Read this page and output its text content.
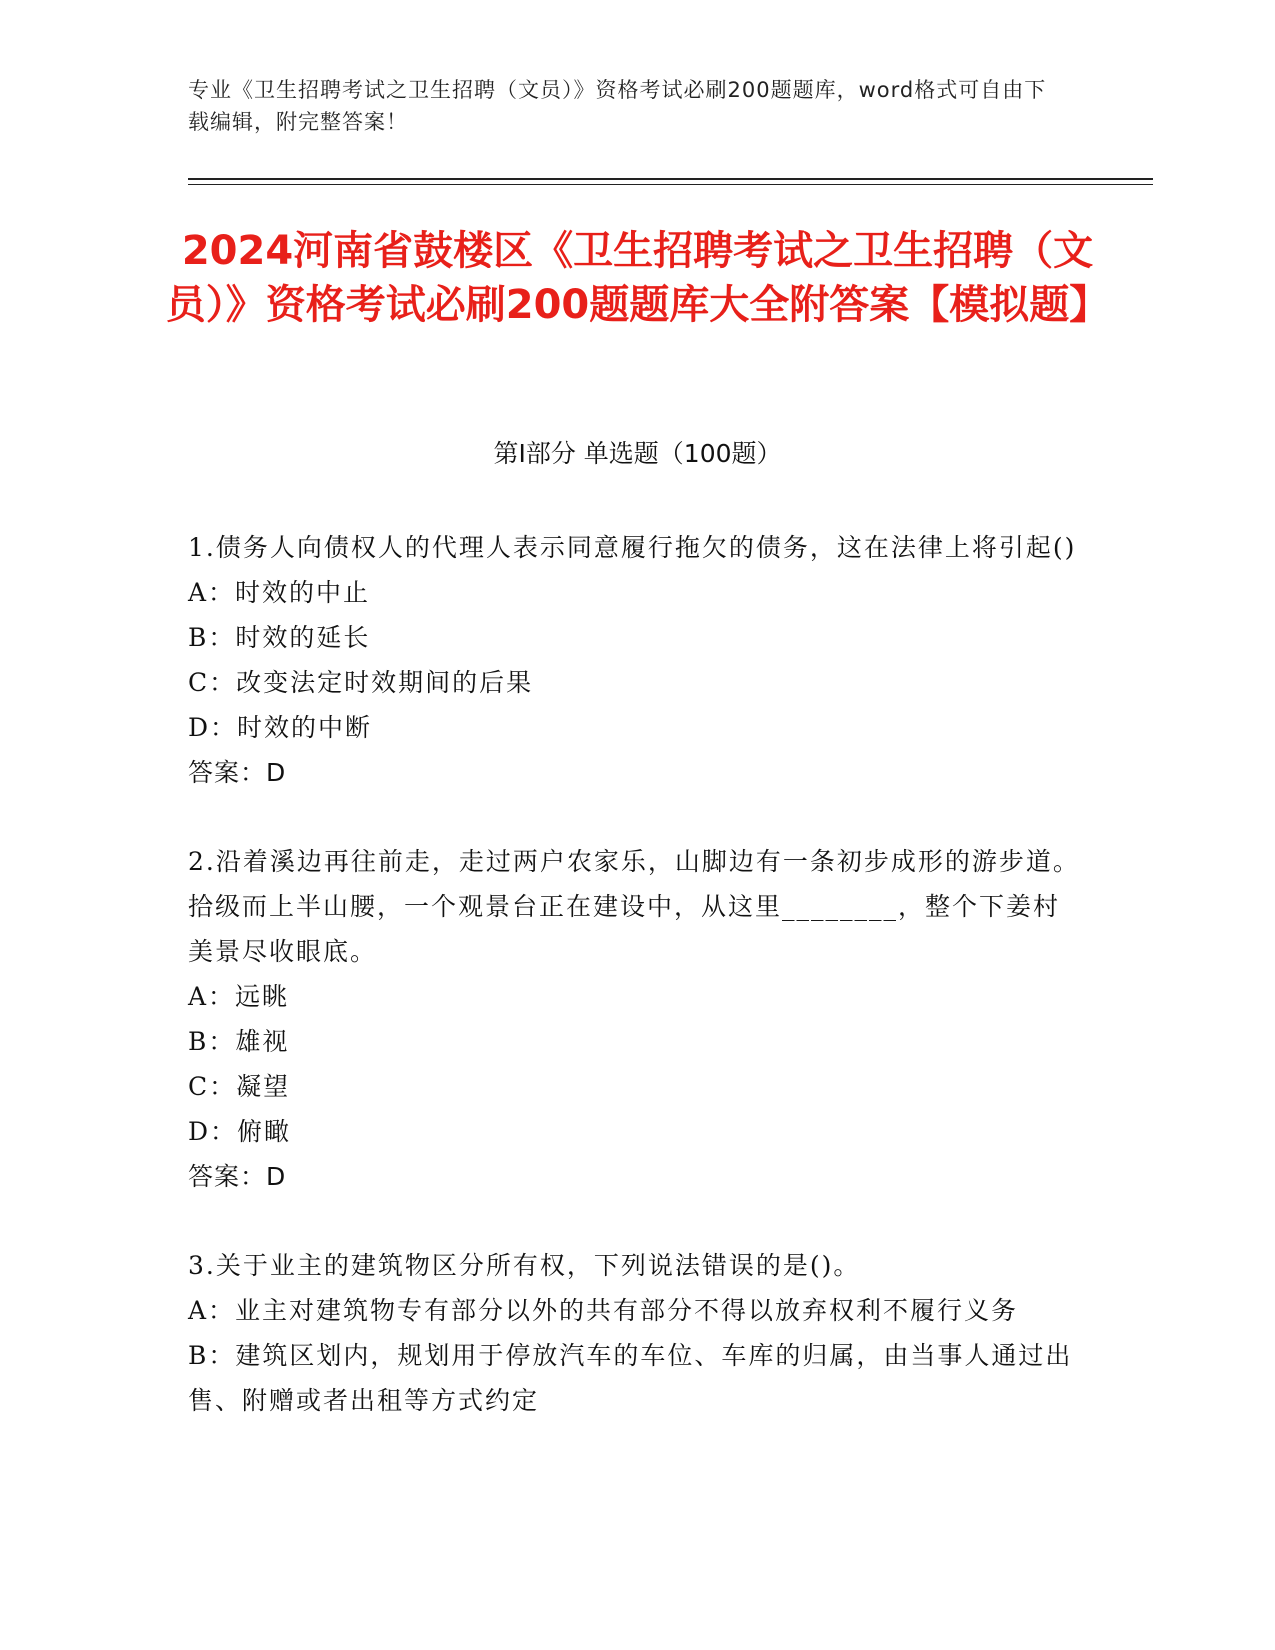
专业《卫生招聘考试之卫生招聘（文员）》资格考试必刷200题题库，word格式可自由下载编辑，附完整答案！
2024河南省鼓楼区《卫生招聘考试之卫生招聘（文员）》资格考试必刷200题题库大全附答案【模拟题】
第I部分 单选题（100题）

1.债务人向债权人的代理人表示同意履行拖欠的债务，这在法律上将引起()

A：时效的中止

B：时效的延长

C：改变法定时效期间的后果

D：时效的中断

答案：D

2.沿着溪边再往前走，走过两户农家乐，山脚边有一条初步成形的游步道。拾级而上半山腰，一个观景台正在建设中，从这里________，整个下姜村美景尽收眼底。

A：远眺

B：雄视

C：凝望

D：俯瞰

答案：D

3.关于业主的建筑物区分所有权，下列说法错误的是()。

A：业主对建筑物专有部分以外的共有部分不得以放弃权利不履行义务

B：建筑区划内，规划用于停放汽车的车位、车库的归属，由当事人通过出售、附赠或者出租等方式约定
